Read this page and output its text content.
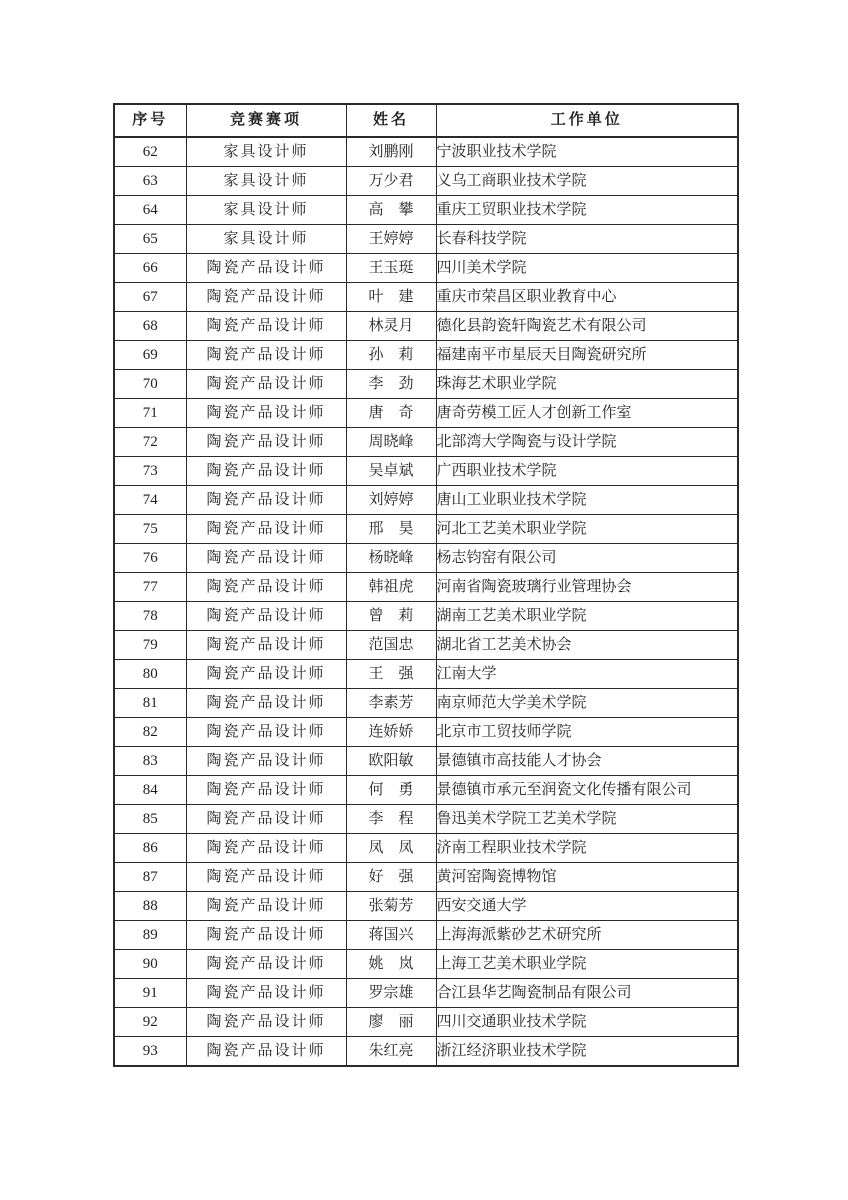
序号	竞赛赛项	姓名	工作单位
62	家具设计师	刘鹏刚	宁波职业技术学院
63	家具设计师	万少君	义乌工商职业技术学院
64	家具设计师	高　攀	重庆工贸职业技术学院
65	家具设计师	王婷婷	长春科技学院
66	陶瓷产品设计师	王玉珽	四川美术学院
67	陶瓷产品设计师	叶　建	重庆市荣昌区职业教育中心
68	陶瓷产品设计师	林灵月	德化县韵瓷轩陶瓷艺术有限公司
69	陶瓷产品设计师	孙　莉	福建南平市星辰天目陶瓷研究所
70	陶瓷产品设计师	李　劲	珠海艺术职业学院
71	陶瓷产品设计师	唐　奇	唐奇劳模工匠人才创新工作室
72	陶瓷产品设计师	周晓峰	北部湾大学陶瓷与设计学院
73	陶瓷产品设计师	吴卓斌	广西职业技术学院
74	陶瓷产品设计师	刘婷婷	唐山工业职业技术学院
75	陶瓷产品设计师	邢　昊	河北工艺美术职业学院
76	陶瓷产品设计师	杨晓峰	杨志钧窑有限公司
77	陶瓷产品设计师	韩祖虎	河南省陶瓷玻璃行业管理协会
78	陶瓷产品设计师	曾　莉	湖南工艺美术职业学院
79	陶瓷产品设计师	范国忠	湖北省工艺美术协会
80	陶瓷产品设计师	王　强	江南大学
81	陶瓷产品设计师	李素芳	南京师范大学美术学院
82	陶瓷产品设计师	连娇娇	北京市工贸技师学院
83	陶瓷产品设计师	欧阳敏	景德镇市高技能人才协会
84	陶瓷产品设计师	何　勇	景德镇市承元至润瓷文化传播有限公司
85	陶瓷产品设计师	李　程	鲁迅美术学院工艺美术学院
86	陶瓷产品设计师	凤　凤	济南工程职业技术学院
87	陶瓷产品设计师	好　强	黄河窑陶瓷博物馆
88	陶瓷产品设计师	张菊芳	西安交通大学
89	陶瓷产品设计师	蒋国兴	上海海派紫砂艺术研究所
90	陶瓷产品设计师	姚　岚	上海工艺美术职业学院
91	陶瓷产品设计师	罗宗雄	合江县华艺陶瓷制品有限公司
92	陶瓷产品设计师	廖　丽	四川交通职业技术学院
93	陶瓷产品设计师	朱红亮	浙江经济职业技术学院
